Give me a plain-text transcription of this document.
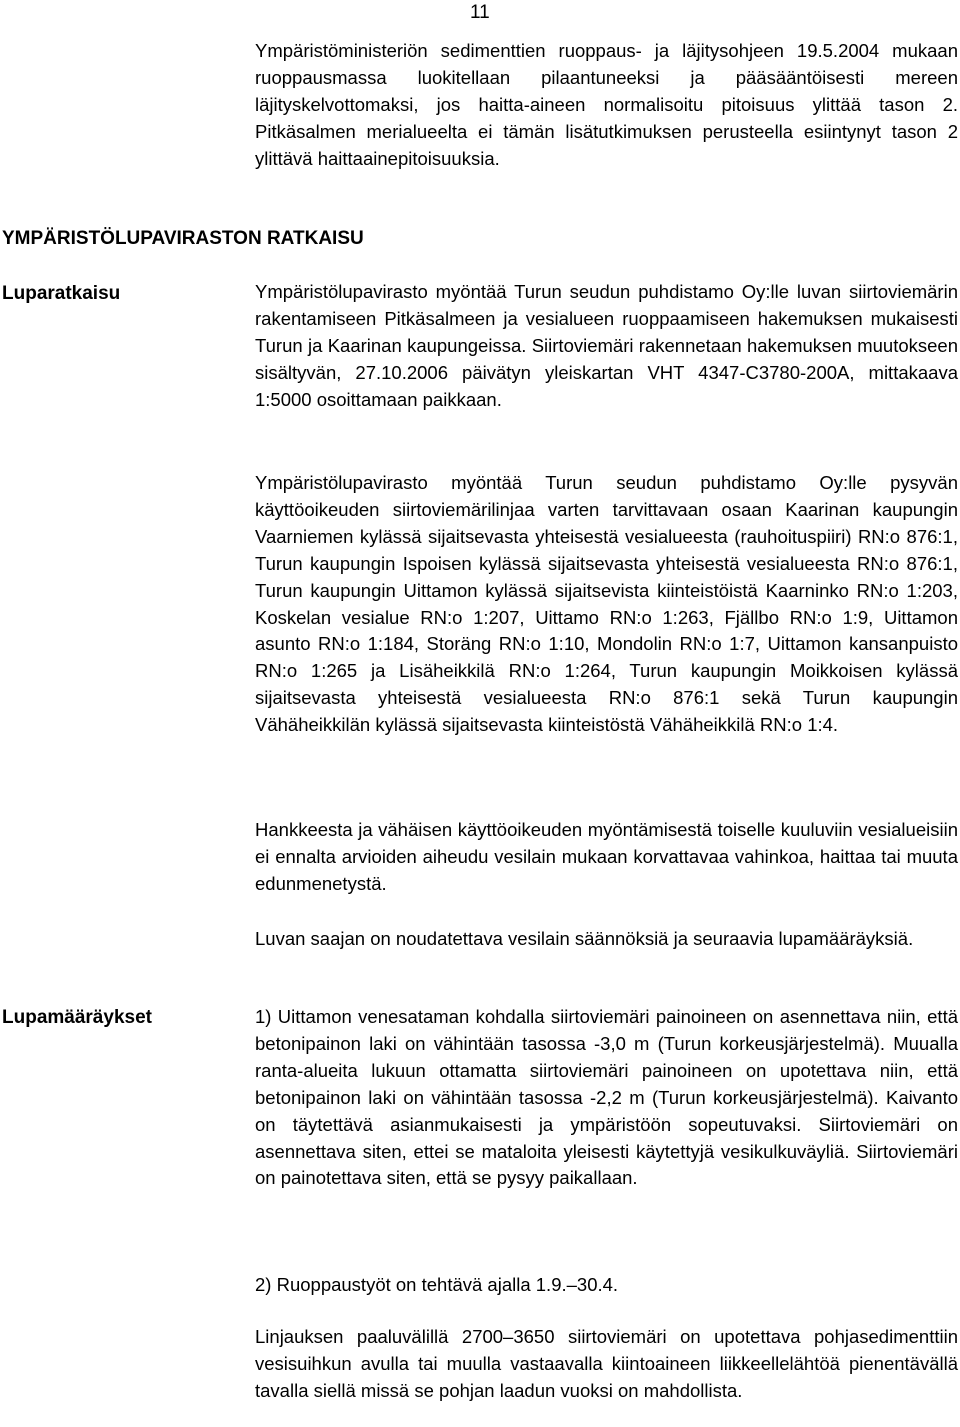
11

Ympäristöministeriön sedimenttien ruoppaus- ja läjitysohjeen 19.5.2004 mukaan ruoppausmassa luokitellaan pilaantuneeksi ja pääsääntöisesti mereen läjityskelvottomaksi, jos haitta-aineen normalisoitu pitoisuus ylittää tason 2. Pitkäsalmen merialueelta ei tämän lisätutkimuksen perusteella esiintynyt tason 2 ylittävä haittaainepitoisuuksia.

YMPÄRISTÖLUPAVIRASTON RATKAISU
Luparatkaisu	Ympäristölupavirasto myöntää Turun seudun puhdistamo Oy:lle luvan siirtoviemärin rakentamiseen Pitkäsalmeen ja vesialueen ruoppaamiseen hakemuksen mukaisesti Turun ja Kaarinan kaupungeissa. Siirtoviemäri rakennetaan hakemuksen muutokseen sisältyvän, 27.10.2006 päivätyn yleiskartan VHT 4347-C3780-200A, mittakaava 1:5000 osoittamaan paikkaan.

Ympäristölupavirasto myöntää Turun seudun puhdistamo Oy:lle pysyvän käyttöoikeuden siirtoviemärilinjaa varten tarvittavaan osaan Kaarinan kaupungin Vaarniemen kylässä sijaitsevasta yhteisestä vesialueesta (rauhoituspiiri) RN:o 876:1, Turun kaupungin Ispoisen kylässä sijaitsevasta yhteisestä vesialueesta RN:o 876:1, Turun kaupungin Uittamon kylässä sijaitsevista kiinteistöistä Kaarninko RN:o 1:203, Koskelan vesialue RN:o 1:207, Uittamo RN:o 1:263, Fjällbo RN:o 1:9, Uittamon asunto RN:o 1:184, Storäng RN:o 1:10, Mondolin RN:o 1:7, Uittamon kansanpuisto RN:o 1:265 ja Lisäheikkilä RN:o 1:264, Turun kaupungin Moikkoisen kylässä sijaitsevasta yhteisestä vesialueesta RN:o 876:1 sekä Turun kaupungin Vähäheikkilän kylässä sijaitsevasta kiinteistöstä Vähäheikkilä RN:o 1:4.

Hankkeesta ja vähäisen käyttöoikeuden myöntämisestä toiselle kuuluviin vesialueisiin ei ennalta arvioiden aiheudu vesilain mukaan korvattavaa vahinkoa, haittaa tai muuta edunmenetystä.

Luvan saajan on noudatettava vesilain säännöksiä ja seuraavia lupamääräyksiä.

Lupamääräykset	1) Uittamon venesataman kohdalla siirtoviemäri painoineen on asennettava niin, että betonipainon laki on vähintään tasossa -3,0 m (Turun korkeusjärjestelmä). Muualla ranta-alueita lukuun ottamatta siirtoviemäri painoineen on upotettava niin, että betonipainon laki on vähintään tasossa -2,2 m (Turun korkeusjärjestelmä). Kaivanto on täytettävä asianmukaisesti ja ympäristöön sopeutuvaksi. Siirtoviemäri on asennettava siten, ettei se mataloita yleisesti käytettyjä vesikulkuväyliä. Siirtoviemäri on painotettava siten, että se pysyy paikallaan.

2) Ruoppaustyöt on tehtävä ajalla 1.9.–30.4.

Linjauksen paaluvälillä 2700–3650 siirtoviemäri on upotettava pohjasedimenttiin vesisuihkun avulla tai muulla vastaavalla kiintoaineen liikkeellelähtöä pienentävällä tavalla siellä missä se pohjan laadun vuoksi on mahdollista.
